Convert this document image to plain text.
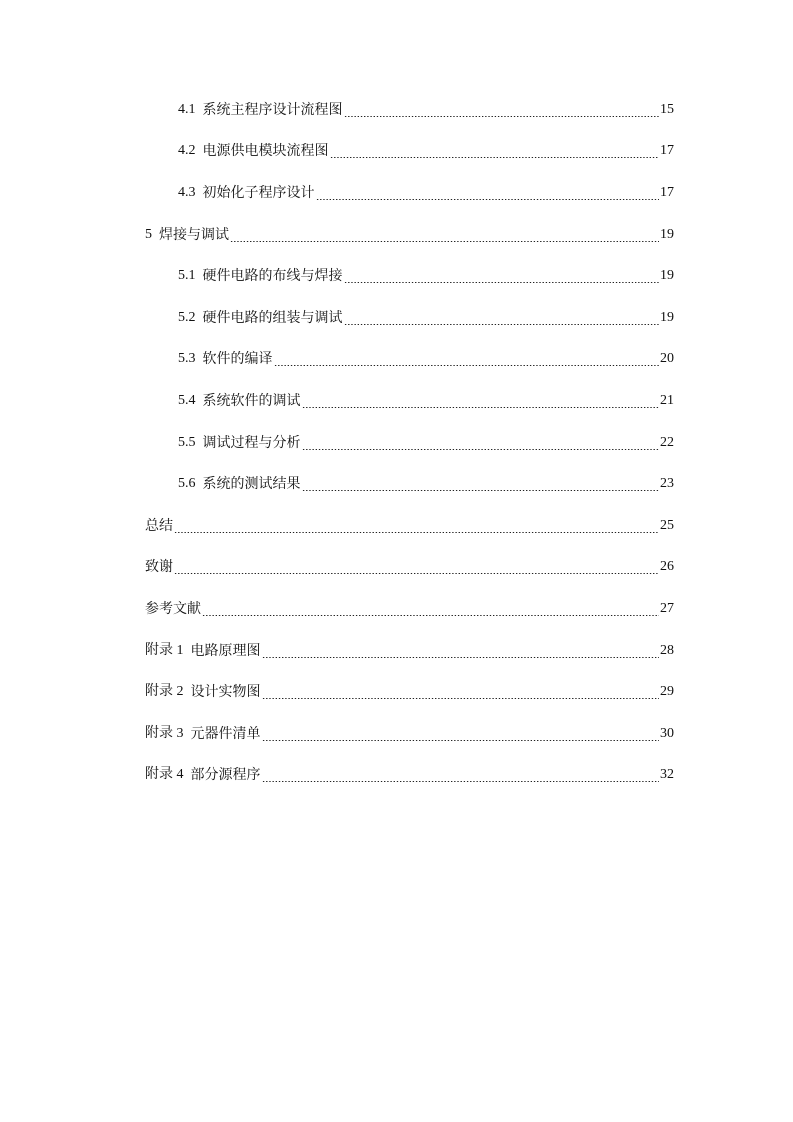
4.1 系统主程序设计流程图	15
4.2 电源供电模块流程图	17
4.3 初始化子程序设计	17
5 焊接与调试	19
5.1 硬件电路的布线与焊接	19
5.2 硬件电路的组装与调试	19
5.3 软件的编译	20
5.4 系统软件的调试	21
5.5 调试过程与分析	22
5.6 系统的测试结果	23
总结	25
致谢	26
参考文献	27
附录 1 电路原理图	28
附录 2 设计实物图	29
附录 3 元器件清单	30
附录 4 部分源程序	32
